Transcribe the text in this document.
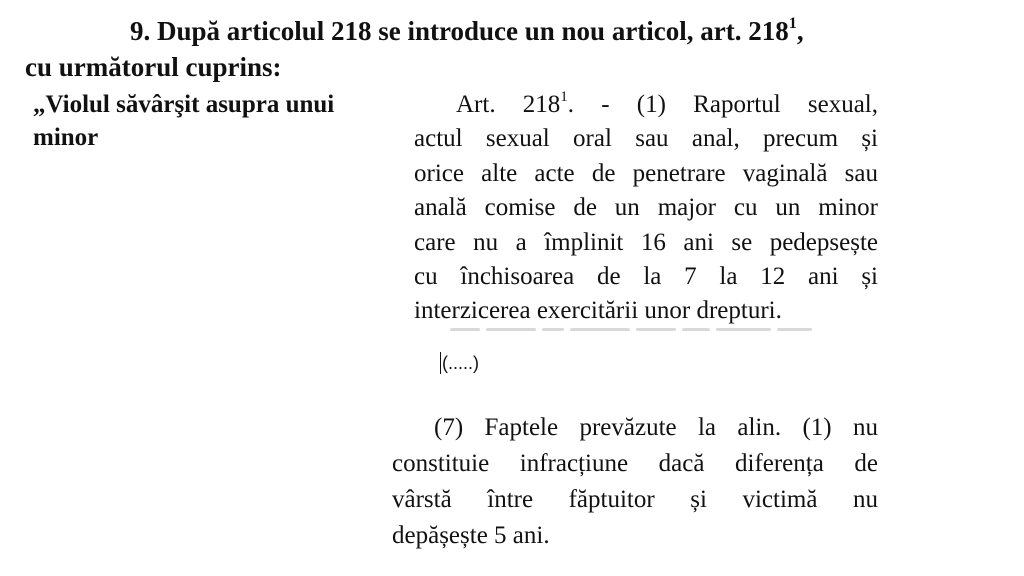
9. După articolul 218 se introduce un nou articol, art. $218^1$,
cu următorul cuprins:
„Violul săvârşit asupra unui
minor
Art. $218^1$. - (1) Raportul sexual,
actul sexual oral sau anal, precum și
orice alte acte de penetrare vaginală sau
anală comise de un major cu un minor
care nu a împlinit 16 ani se pedepsește
cu închisoarea de la 7 la 12 ani și
interzicerea exercitării unor drepturi.
(.....)
(7) Faptele prevăzute la alin. (1) nu
constituie infracțiune dacă diferența de
vârstă între făptuitor și victimă nu
depășește 5 ani.
